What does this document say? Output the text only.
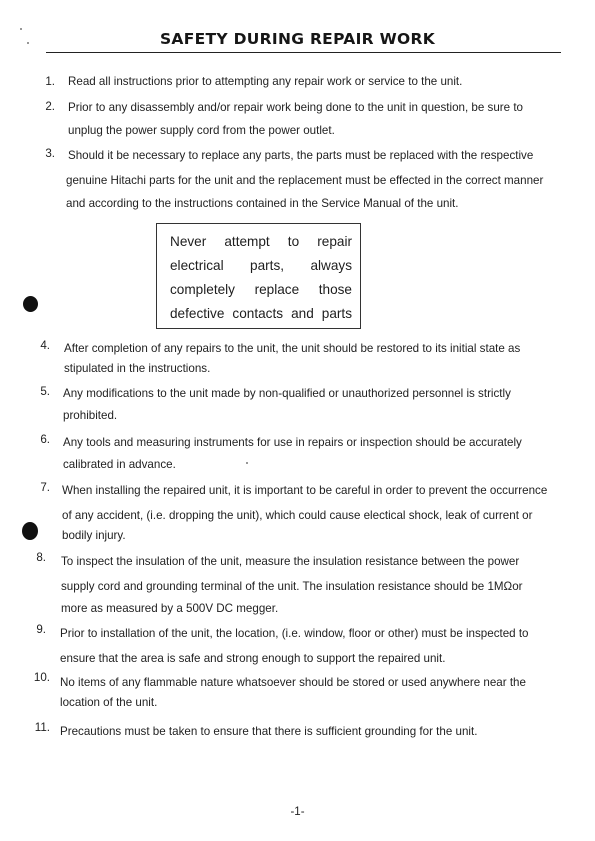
SAFETY DURING REPAIR WORK
1. Read all instructions prior to attempting any repair work or service to the unit.
2. Prior to any disassembly and/or repair work being done to the unit in question, be sure to
unplug the power supply cord from the power outlet.
3. Should it be necessary to replace any parts, the parts must be replaced with the respective
genuine Hitachi parts for the unit and the replacement must be effected in the correct manner
and according to the instructions contained in the Service Manual of the unit.
Never attempt to repair
electrical parts, always
completely replace those
defective contacts and parts
4. After completion of any repairs to the unit, the unit should be restored to its initial state as
stipulated in the instructions.
5. Any modifications to the unit made by non-qualified or unauthorized personnel is strictly
prohibited.
6. Any tools and measuring instruments for use in repairs or inspection should be accurately
calibrated in advance.
7. When installing the repaired unit, it is important to be careful in order to prevent the occurrence
of any accident, (i.e. dropping the unit), which could cause electical shock, leak of current or
bodily injury.
8. To inspect the insulation of the unit, measure the insulation resistance between the power
supply cord and grounding terminal of the unit. The insulation resistance should be 1MΩor
more as measured by a 500V DC megger.
9. Prior to installation of the unit, the location, (i.e. window, floor or other) must be inspected to
ensure that the area is safe and strong enough to support the repaired unit.
10. No items of any flammable nature whatsoever should be stored or used anywhere near the
location of the unit.
11. Precautions must be taken to ensure that there is sufficient grounding for the unit.
-1-
